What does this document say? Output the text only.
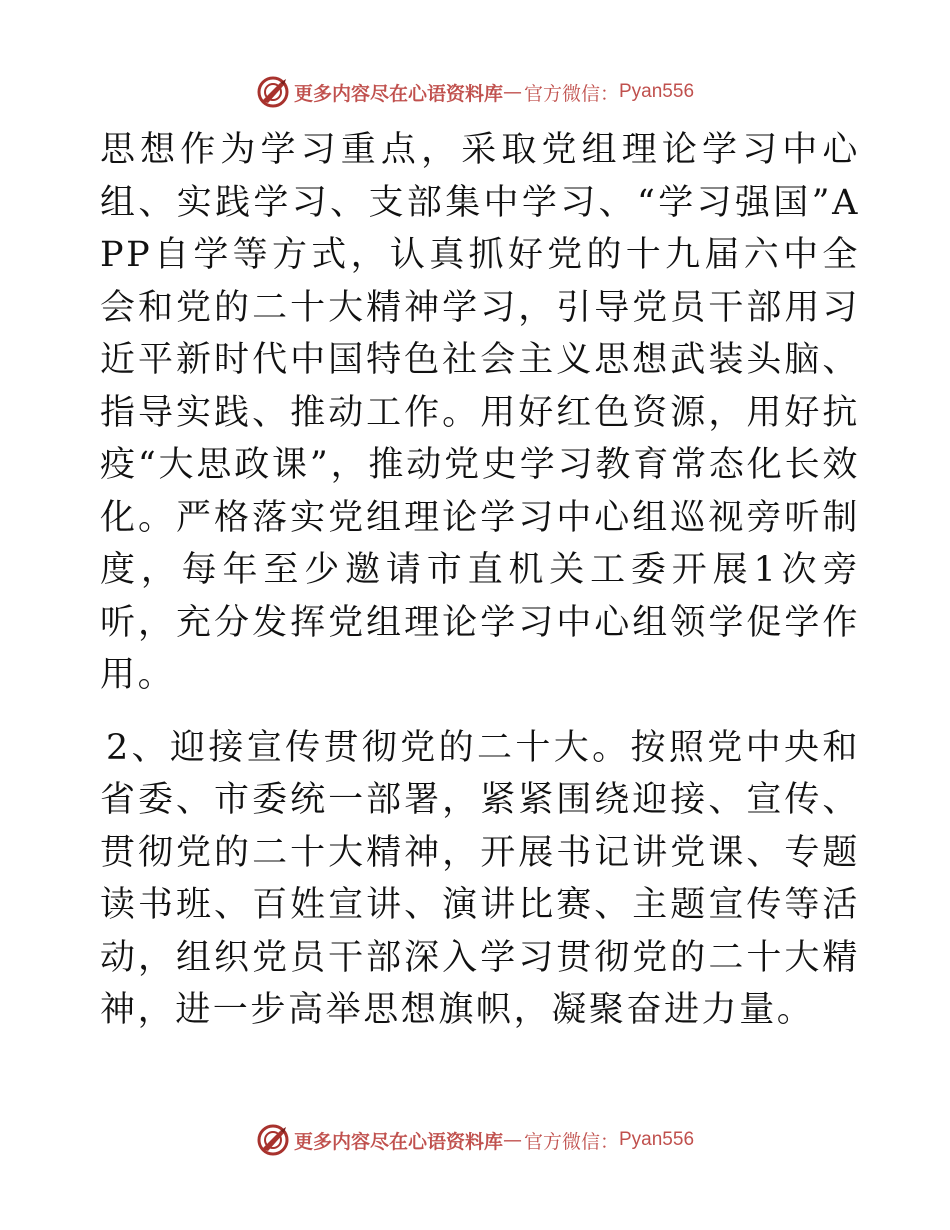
更多内容尽在心语资料库 — 官方微信： Pyan556

思想作为学习重点，采取党组理论学习中心组、实践学习、支部集中学习、“学习强国”APP自学等方式，认真抓好党的十九届六中全会和党的二十大精神学习，引导党员干部用习近平新时代中国特色社会主义思想武装头脑、指导实践、推动工作。用好红色资源，用好抗疫“大思政课”，推动党史学习教育常态化长效化。严格落实党组理论学习中心组巡视旁听制度，每年至少邀请市直机关工委开展1次旁听，充分发挥党组理论学习中心组领学促学作用。

2、迎接宣传贯彻党的二十大。按照党中央和省委、市委统一部署，紧紧围绕迎接、宣传、贯彻党的二十大精神，开展书记讲党课、专题读书班、百姓宣讲、演讲比赛、主题宣传等活动，组织党员干部深入学习贯彻党的二十大精神，进一步高举思想旗帜，凝聚奋进力量。

更多内容尽在心语资料库 — 官方微信： Pyan556
